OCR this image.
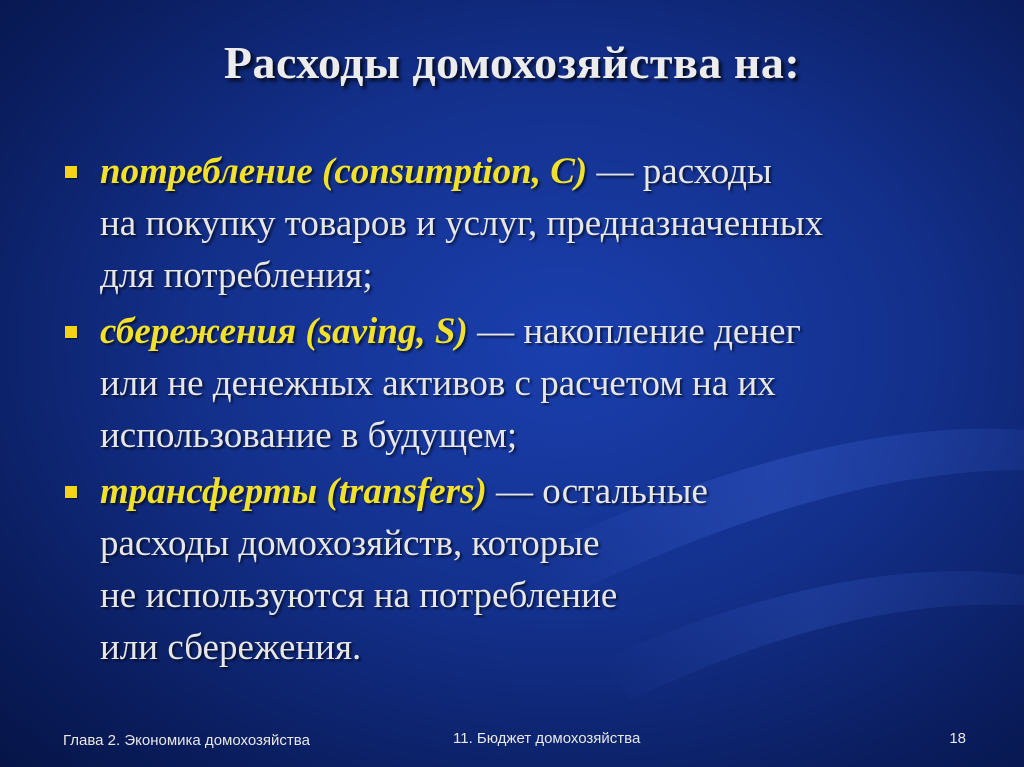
Расходы домохозяйства на:
потребление (consumption, C) — расходы
на покупку товаров и услуг, предназначенных
для потребления;
сбережения (saving, S) — накопление денег
или не денежных активов с расчетом на их
использование в будущем;
трансферты (transfers) — остальные
расходы домохозяйств, которые
не используются на потребление
или сбережения.
Глава 2. Экономика домохозяйства	11. Бюджет домохозяйства	18
